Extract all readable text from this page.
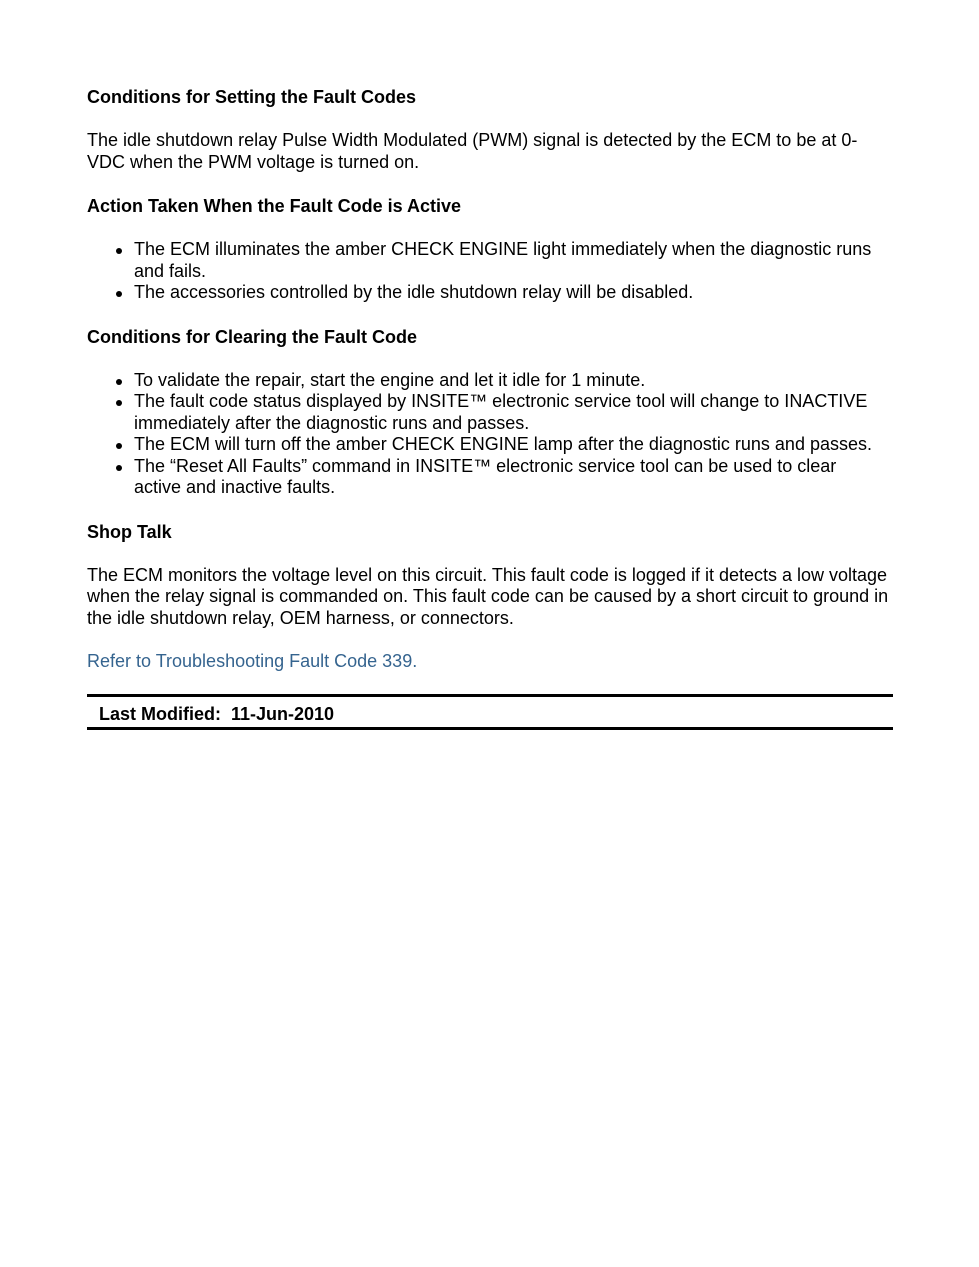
Conditions for Setting the Fault Codes
The idle shutdown relay Pulse Width Modulated (PWM) signal is detected by the ECM to be at 0-VDC when the PWM voltage is turned on.
Action Taken When the Fault Code is Active
The ECM illuminates the amber CHECK ENGINE light immediately when the diagnostic runs and fails.
The accessories controlled by the idle shutdown relay will be disabled.
Conditions for Clearing the Fault Code
To validate the repair, start the engine and let it idle for 1 minute.
The fault code status displayed by INSITE™ electronic service tool will change to INACTIVE immediately after the diagnostic runs and passes.
The ECM will turn off the amber CHECK ENGINE lamp after the diagnostic runs and passes.
The “Reset All Faults” command in INSITE™ electronic service tool can be used to clear active and inactive faults.
Shop Talk
The ECM monitors the voltage level on this circuit. This fault code is logged if it detects a low voltage when the relay signal is commanded on. This fault code can be caused by a short circuit to ground in the idle shutdown relay, OEM harness, or connectors.
Refer to Troubleshooting Fault Code 339.
Last Modified:  11-Jun-2010
